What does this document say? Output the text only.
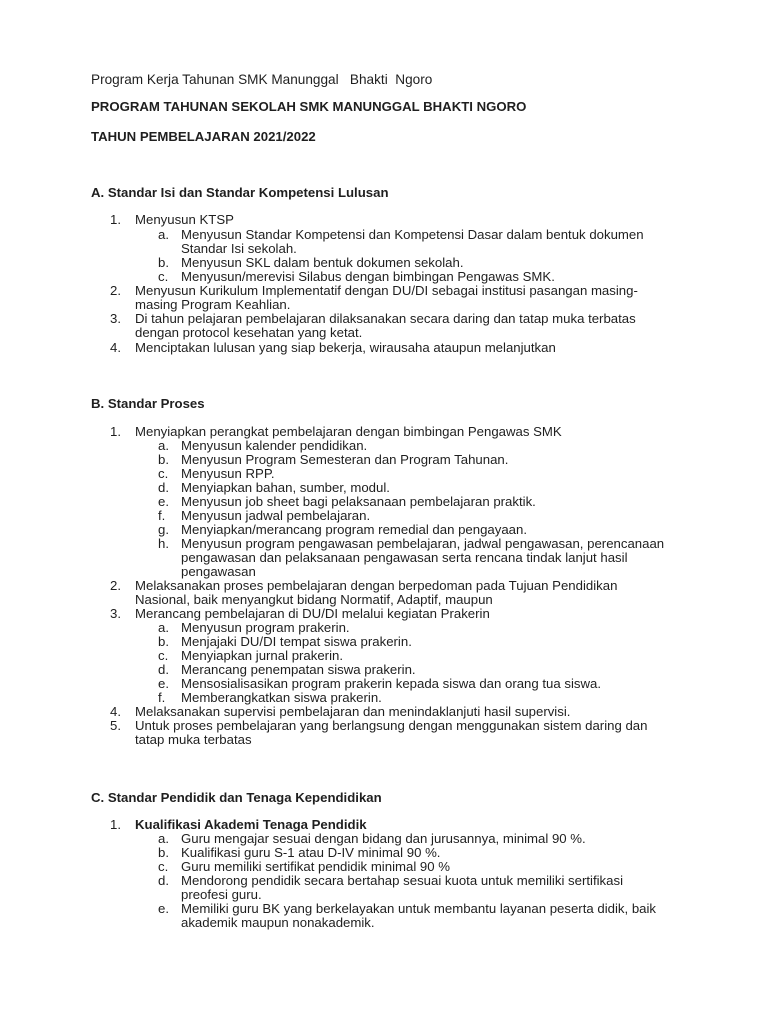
Program Kerja Tahunan SMK Manunggal   Bhakti  Ngoro
PROGRAM TAHUNAN SEKOLAH SMK MANUNGGAL BHAKTI NGORO
TAHUN PEMBELAJARAN 2021/2022
A. Standar Isi dan Standar Kompetensi Lulusan
1.	Menyusun KTSP
a. Menyusun Standar Kompetensi dan Kompetensi Dasar dalam bentuk dokumen Standar Isi sekolah.
b. Menyusun SKL dalam bentuk dokumen sekolah.
c. Menyusun/merevisi Silabus dengan bimbingan Pengawas SMK.
2.	Menyusun Kurikulum Implementatif dengan DU/DI sebagai institusi pasangan masing-masing Program Keahlian.
3.	Di tahun pelajaran pembelajaran dilaksanakan secara daring dan tatap muka terbatas dengan protocol kesehatan yang ketat.
4.	Menciptakan lulusan yang siap bekerja, wirausaha ataupun melanjutkan
B. Standar Proses
1.	Menyiapkan perangkat pembelajaran dengan bimbingan Pengawas SMK
a. Menyusun kalender pendidikan.
b. Menyusun Program Semesteran dan Program Tahunan.
c. Menyusun RPP.
d. Menyiapkan bahan, sumber, modul.
e. Menyusun job sheet bagi pelaksanaan pembelajaran praktik.
f.	Menyusun jadwal pembelajaran.
g. Menyiapkan/merancang program remedial dan pengayaan.
h. Menyusun program pengawasan pembelajaran, jadwal pengawasan, perencanaan pengawasan dan pelaksanaan pengawasan serta rencana tindak lanjut hasil pengawasan
2.	Melaksanakan proses pembelajaran dengan berpedoman pada Tujuan Pendidikan Nasional, baik menyangkut bidang Normatif, Adaptif, maupun
3.	Merancang pembelajaran di DU/DI melalui kegiatan Prakerin
a. Menyusun program prakerin.
b. Menjajaki DU/DI tempat siswa prakerin.
c. Menyiapkan jurnal prakerin.
d. Merancang penempatan siswa prakerin.
e. Mensosialisasikan program prakerin kepada siswa dan orang tua siswa.
f.	Memberangkatkan siswa prakerin.
4.	Melaksanakan supervisi pembelajaran dan menindaklanjuti hasil supervisi.
5.	Untuk proses pembelajaran yang berlangsung dengan menggunakan sistem daring dan tatap muka terbatas
C. Standar Pendidik dan Tenaga Kependidikan
1.	Kualifikasi Akademi Tenaga Pendidik
a. Guru mengajar sesuai dengan bidang dan jurusannya, minimal 90 %.
b. Kualifikasi guru S-1 atau D-IV minimal 90 %.
c. Guru memiliki sertifikat pendidik minimal 90 %
d. Mendorong pendidik secara bertahap sesuai kuota untuk memiliki sertifikasi preofesi guru.
e. Memiliki guru BK yang berkelayakan untuk membantu layanan peserta didik, baik akademik maupun nonakademik.
